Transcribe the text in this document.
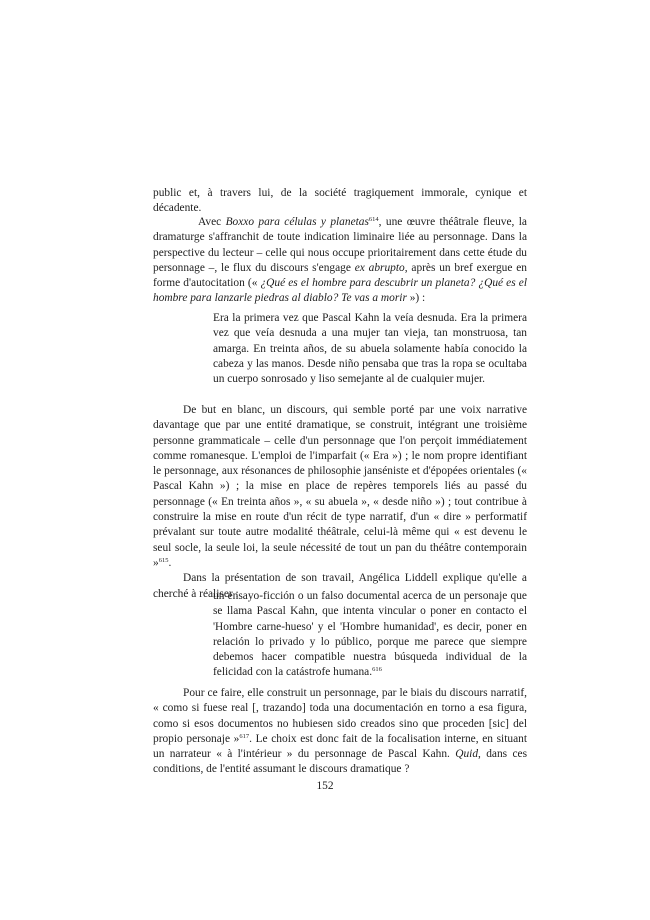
public et, à travers lui, de la société tragiquement immorale, cynique et décadente.

Avec Boxxo para células y planetas$^{614}$, une œuvre théâtrale fleuve, la dramaturge s'affranchit de toute indication liminaire liée au personnage. Dans la perspective du lecteur – celle qui nous occupe prioritairement dans cette étude du personnage –, le flux du discours s'engage ex abrupto, après un bref exergue en forme d'autocitation (« ¿Qué es el hombre para descubrir un planeta? ¿Qué es el hombre para lanzarle piedras al diablo? Te vas a morir ») :

Era la primera vez que Pascal Kahn la veía desnuda. Era la primera vez que veía desnuda a una mujer tan vieja, tan monstruosa, tan amarga. En treinta años, de su abuela solamente había conocido la cabeza y las manos. Desde niño pensaba que tras la ropa se ocultaba un cuerpo sonrosado y liso semejante al de cualquier mujer.

De but en blanc, un discours, qui semble porté par une voix narrative davantage que par une entité dramatique, se construit, intégrant une troisième personne grammaticale – celle d'un personnage que l'on perçoit immédiatement comme romanesque. L'emploi de l'imparfait (« Era ») ; le nom propre identifiant le personnage, aux résonances de philosophie janséniste et d'épopées orientales (« Pascal Kahn ») ; la mise en place de repères temporels liés au passé du personnage (« En treinta años », « su abuela », « desde niño ») ; tout contribue à construire la mise en route d'un récit de type narratif, d'un « dire » performatif prévalant sur toute autre modalité théâtrale, celui-là même qui « est devenu le seul socle, la seule loi, la seule nécessité de tout un pan du théâtre contemporain »$^{615}$.

Dans la présentation de son travail, Angélica Liddell explique qu'elle a cherché à réaliser :

un ensayo-ficción o un falso documental acerca de un personaje que se llama Pascal Kahn, que intenta vincular o poner en contacto el 'Hombre carne-hueso' y el 'Hombre humanidad', es decir, poner en relación lo privado y lo público, porque me parece que siempre debemos hacer compatible nuestra búsqueda individual de la felicidad con la catástrofe humana.$^{616}$

Pour ce faire, elle construit un personnage, par le biais du discours narratif, « como si fuese real [, trazando] toda una documentación en torno a esa figura, como si esos documentos no hubiesen sido creados sino que proceden [sic] del propio personaje »$^{617}$. Le choix est donc fait de la focalisation interne, en situant un narrateur « à l'intérieur » du personnage de Pascal Kahn. Quid, dans ces conditions, de l'entité assumant le discours dramatique ?

152
